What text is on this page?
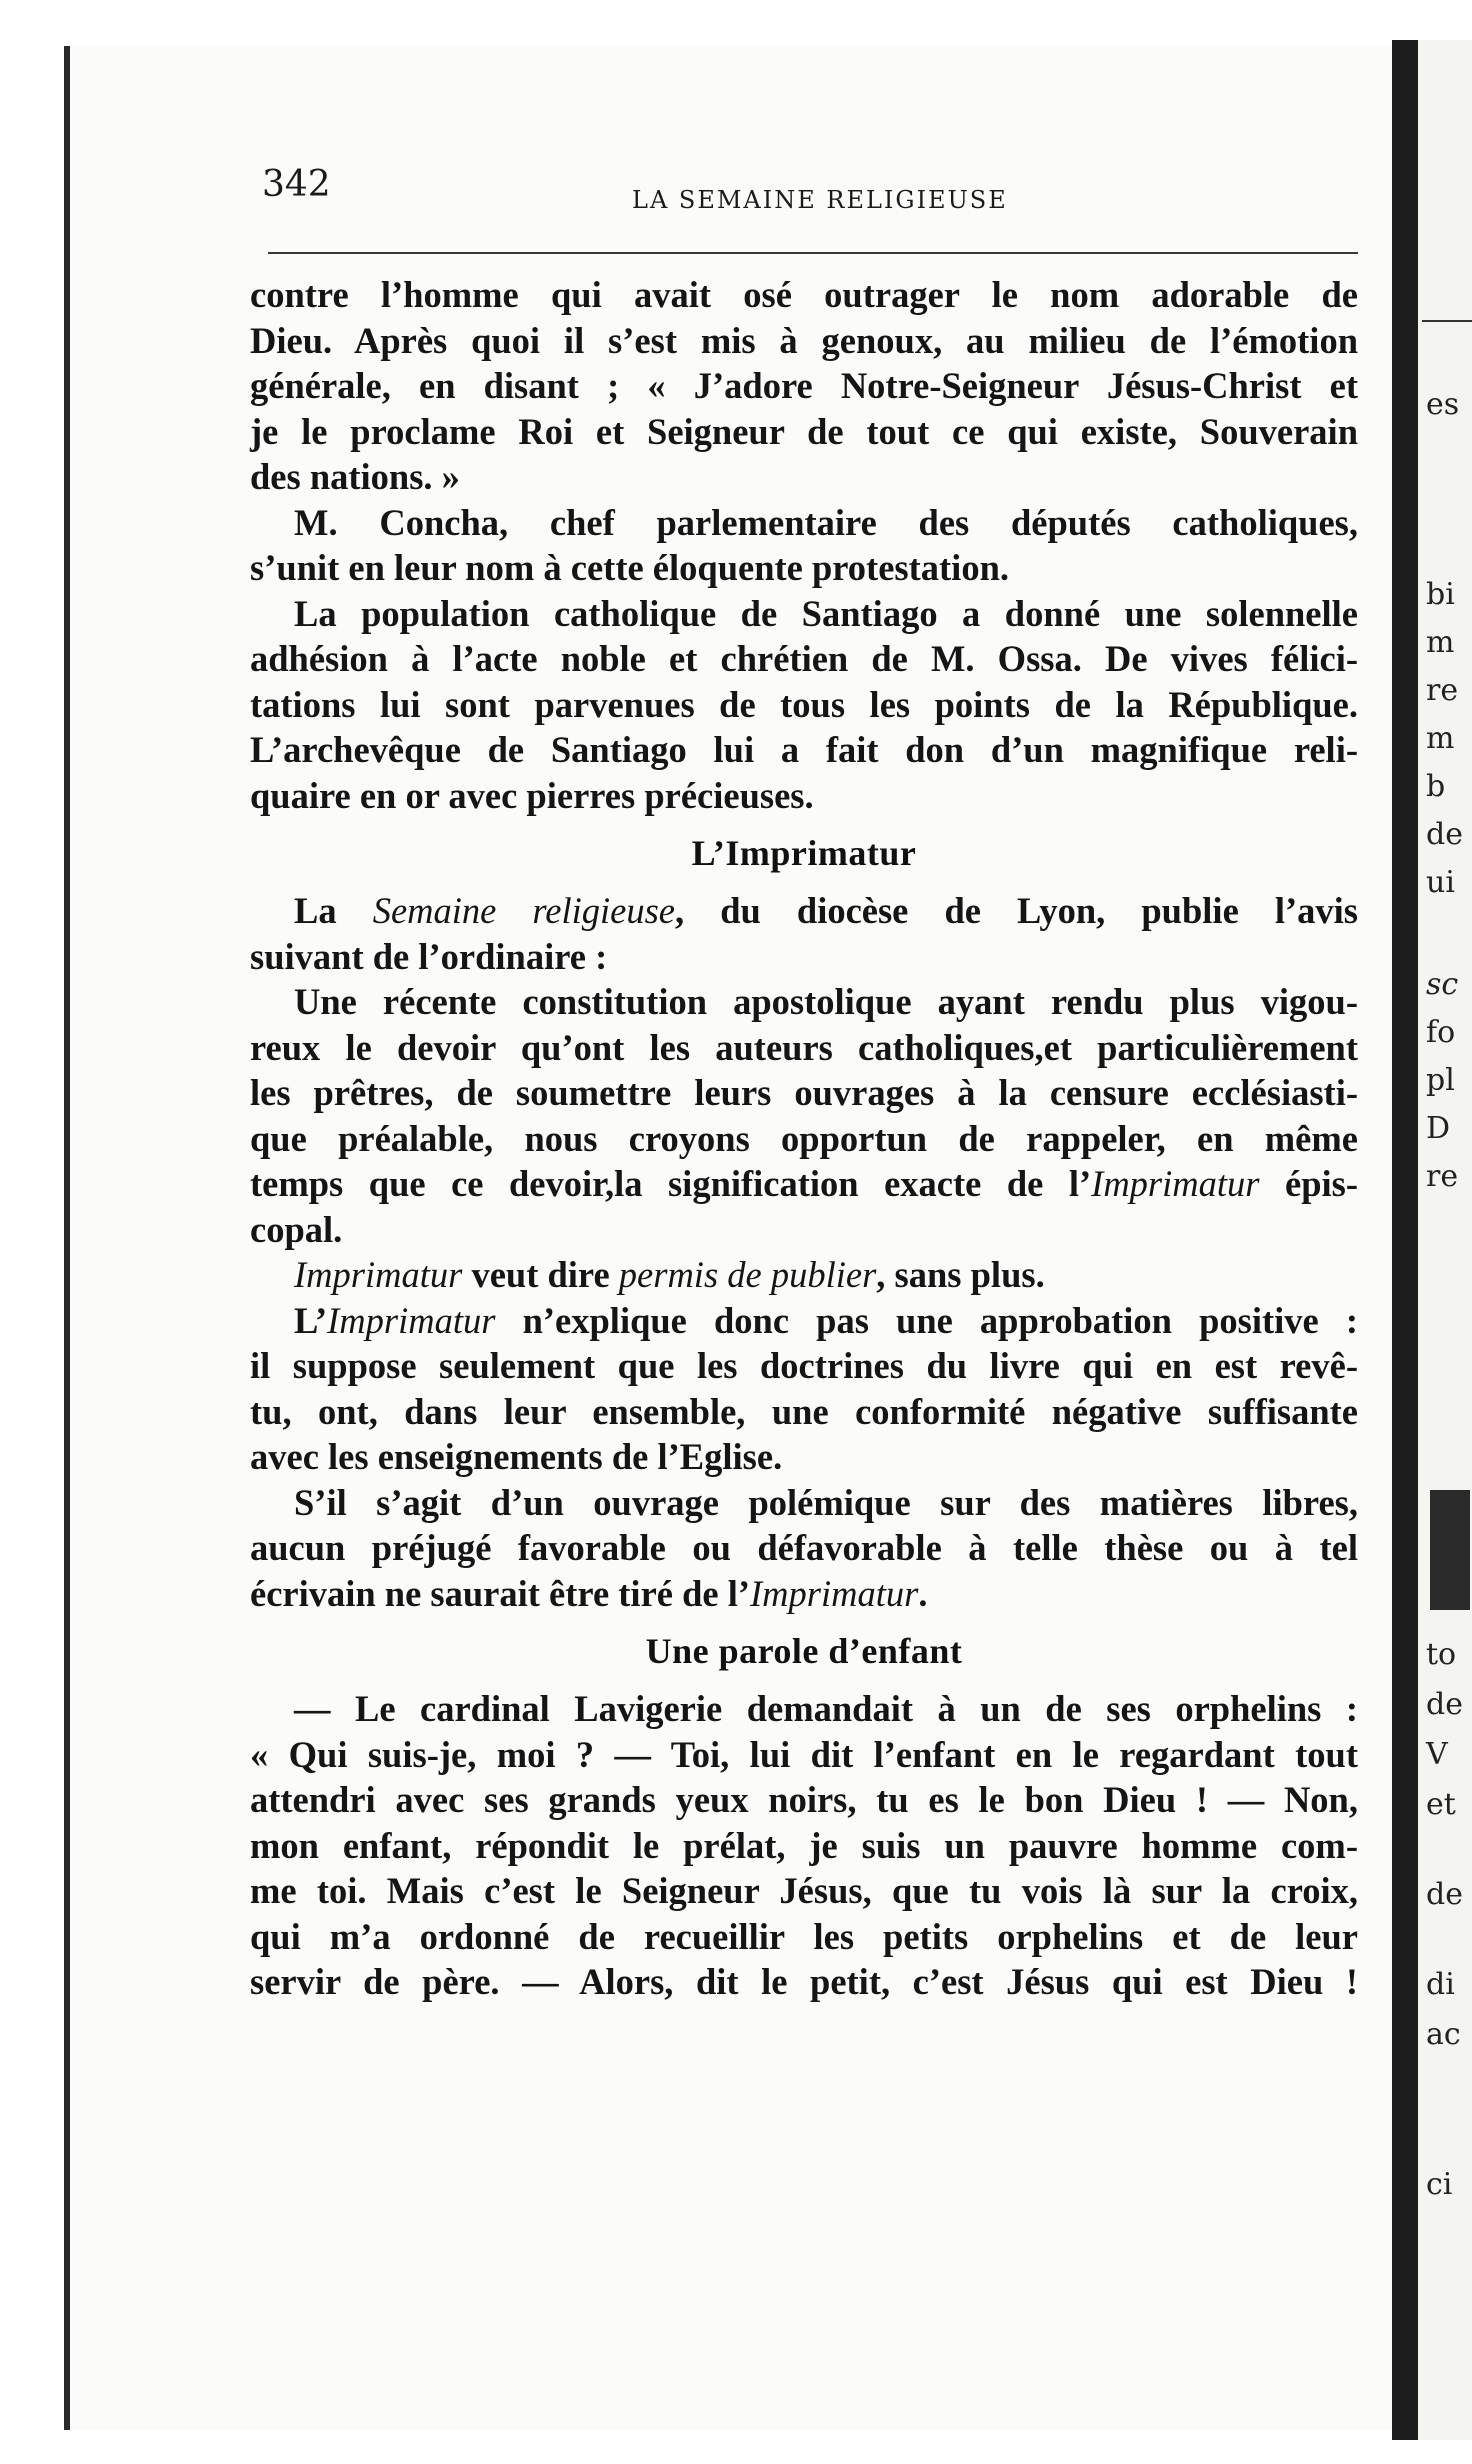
es
bi
m
re
m
b
de
ui
sc
fo
pl
D
re
to
de
V
et
de
di
ac
ci
342	LA SEMAINE RELIGIEUSE
contre l’homme qui avait osé outrager le nom adorable de
Dieu. Après quoi il s’est mis à genoux, au milieu de l’émotion
générale, en disant ; « J’adore Notre-Seigneur Jésus-Christ et
je le proclame Roi et Seigneur de tout ce qui existe, Souverain
des nations. »
M. Concha, chef parlementaire des députés catholiques,
s’unit en leur nom à cette éloquente protestation.
La population catholique de Santiago a donné une solennelle
adhésion à l’acte noble et chrétien de M. Ossa. De vives félici-
tations lui sont parvenues de tous les points de la République.
L’archevêque de Santiago lui a fait don d’un magnifique reli-
quaire en or avec pierres précieuses.
L’Imprimatur
La Semaine religieuse, du diocèse de Lyon, publie l’avis
suivant de l’ordinaire :
Une récente constitution apostolique ayant rendu plus vigou-
reux le devoir qu’ont les auteurs catholiques,et particulièrement
les prêtres, de soumettre leurs ouvrages à la censure ecclésiasti-
que préalable, nous croyons opportun de rappeler, en même
temps que ce devoir,la signification exacte de l’Imprimatur épis-
copal.
Imprimatur veut dire permis de publier, sans plus.
L’Imprimatur n’explique donc pas une approbation positive :
il suppose seulement que les doctrines du livre qui en est revê-
tu, ont, dans leur ensemble, une conformité négative suffisante
avec les enseignements de l’Eglise.
S’il s’agit d’un ouvrage polémique sur des matières libres,
aucun préjugé favorable ou défavorable à telle thèse ou à tel
écrivain ne saurait être tiré de l’Imprimatur.
Une parole d’enfant
— Le cardinal Lavigerie demandait à un de ses orphelins :
« Qui suis-je, moi ? — Toi, lui dit l’enfant en le regardant tout
attendri avec ses grands yeux noirs, tu es le bon Dieu ! — Non,
mon enfant, répondit le prélat, je suis un pauvre homme com-
me toi. Mais c’est le Seigneur Jésus, que tu vois là sur la croix,
qui m’a ordonné de recueillir les petits orphelins et de leur
servir de père. — Alors, dit le petit, c’est Jésus qui est Dieu !
